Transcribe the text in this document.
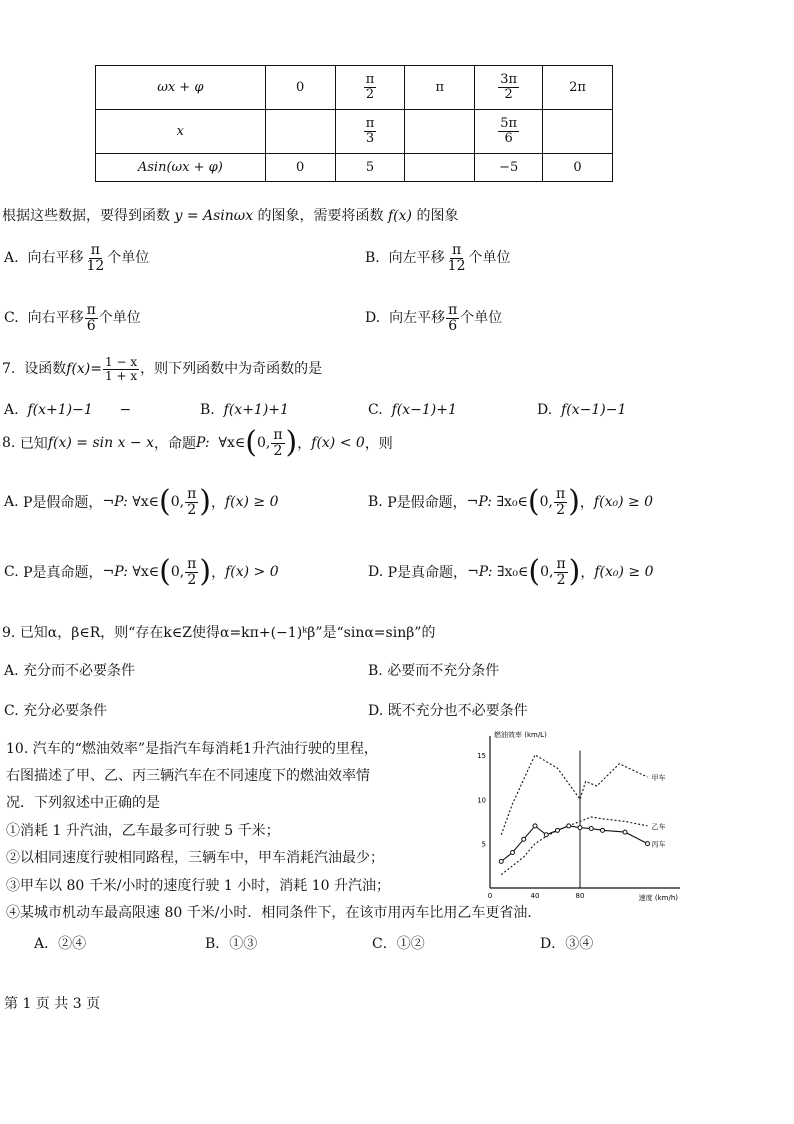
ωx + φ	0	$\frac{\pi}{2}$	π	$\frac{3\pi}{2}$	2π
x		$\frac{\pi}{3}$		$\frac{5\pi}{6}$

Asin(ωx + φ)	0	5		−5	0
根据这些数据，要得到函数 y = Asinωx 的图象，需要将函数 f(x) 的图象
A. 向右平移 $\frac{\pi}{12}$ 个单位	B. 向左平移 $\frac{\pi}{12}$ 个单位
C. 向右平移 $\frac{\pi}{6}$ 个单位	D. 向左平移 $\frac{\pi}{6}$ 个单位
7. 设函数$f(x)= \frac{1 - x}{1 + x}$ ，则下列函数中为奇函数的是
A. f(x+1)−1 −	B. f(x+1)+1	C. f(x−1)+1	D. f(x−1)−1
8.
已知 f(x) = sin x − x ，命题 P:
∀x∈ ( 0, $\frac{\pi}{2}$ ) ， f(x) < 0 ，则
A.
P是假命题， ¬P:
∀x∈ ( 0, $\frac{\pi}{2}$ ) ， f(x) ≥ 0	B.
P是假命题， ¬P:
∃x₀∈ ( 0, $\frac{\pi}{2}$ ) ， f(x₀) ≥ 0
C.
P是真命题， ¬P:
∀x∈ ( 0, $\frac{\pi}{2}$ ) ， f(x) > 0	D.
P是真命题， ¬P:
∃x₀∈ ( 0, $\frac{\pi}{2}$ ) ， f(x₀) ≥ 0
9. 已知α，β∈R，则“存在k∈Z使得α=kπ+(−1)ᵏβ”是“sinα=sinβ”的
A. 充分而不必要条件	B. 必要而不充分条件
C. 充分必要条件	D. 既不充分也不必要条件
10. 汽车的“燃油效率”是指汽车每消耗1升汽油行驶的里程，
右图描述了甲、乙、丙三辆汽车在不同速度下的燃油效率情
况．下列叙述中正确的是
①消耗 1 升汽油，乙车最多可行驶 5 千米；
②以相同速度行驶相同路程，三辆车中，甲车消耗汽油最少；
③甲车以 80 千米/小时的速度行驶 1 小时，消耗 10 升汽油；
④某城市机动车最高限速 80 千米/小时．相同条件下，在该市用丙车比用乙车更省油．
A．②④	B．①③	C．①②	D．③④
5
10
15
0	40	80
燃油效率 (km/L)
速度 (km/h)
甲车
乙车
丙车
第 1 页 共 3 页
